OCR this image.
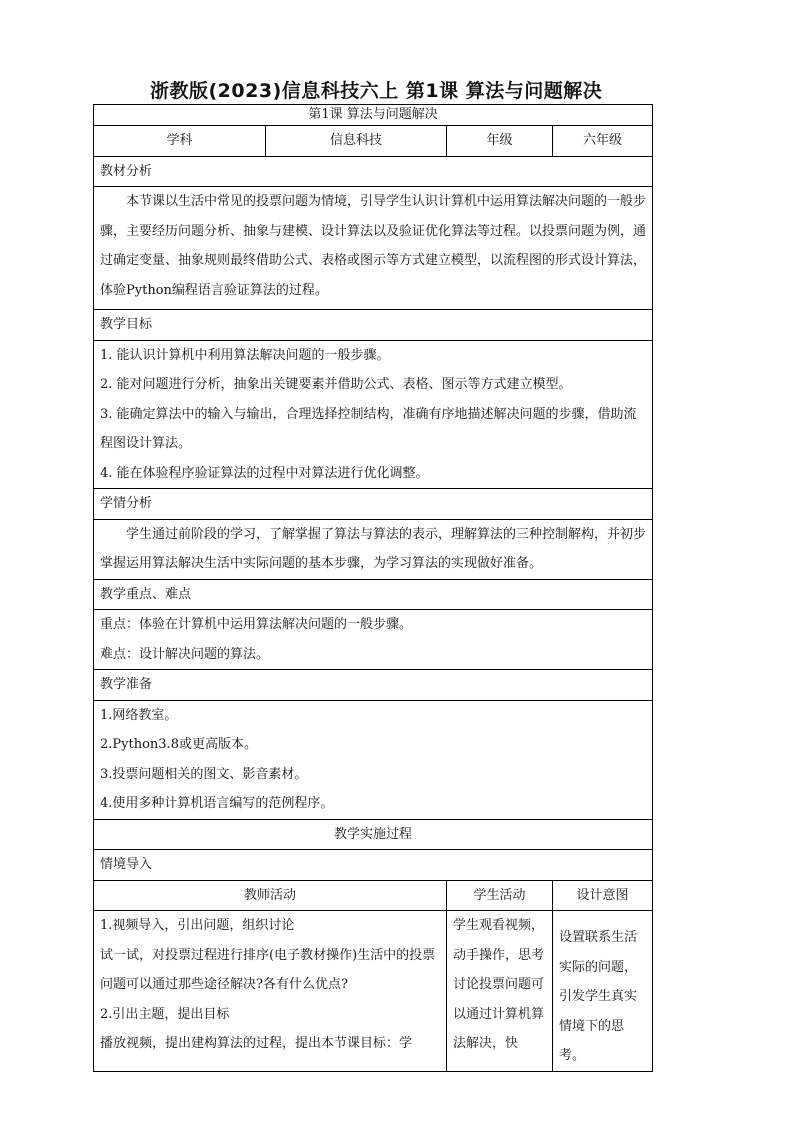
浙教版(2023)信息科技六上 第1课 算法与问题解决
第1课 算法与问题解决			
学科	信息科技	年级	六年级
教材分析			

本节课以生活中常见的投票问题为情境，引导学生认识计算机中运用算法解决问题的一般步骤，主要经历问题分析、抽象与建模、设计算法以及验证优化算法等过程。以投票问题为例，通过确定变量、抽象规则最终借助公式、表格或图示等方式建立模型，以流程图的形式设计算法，体验Python编程语言验证算法的过程。			

教学目标			

1. 能认识计算机中利用算法解决问题的一般步骤。

2. 能对问题进行分析，抽象出关键要素并借助公式、表格、图示等方式建立模型。

3. 能确定算法中的输入与输出，合理选择控制结构，准确有序地描述解决问题的步骤，借助流程图设计算法。

4. 能在体验程序验证算法的过程中对算法进行优化调整。			

学情分析			

学生通过前阶段的学习，了解掌握了算法与算法的表示，理解算法的三种控制解构，并初步掌握运用算法解决生活中实际问题的基本步骤，为学习算法的实现做好准备。			

教学重点、难点			

重点：体验在计算机中运用算法解决问题的一般步骤。

难点：设计解决问题的算法。			

教学准备			

1.网络教室。

2.Python3.8或更高版本。

3.投票问题相关的图文、影音素材。

4.使用多种计算机语言编写的范例程序。			

教学实施过程			
情境导入			
教师活动		学生活动	设计意图

1.视频导入，引出问题，组织讨论

试一试，对投票过程进行排序(电子教材操作)生活中的投票问题可以通过那些途径解决?各有什么优点?

2.引出主题，提出目标

播放视频，提出建构算法的过程，提出本节课目标：学		学生观看视频，动手操作，思考讨论投票问题可以通过计算机算法解决，快	设置联系生活实际的问题，引发学生真实情境下的思考。
